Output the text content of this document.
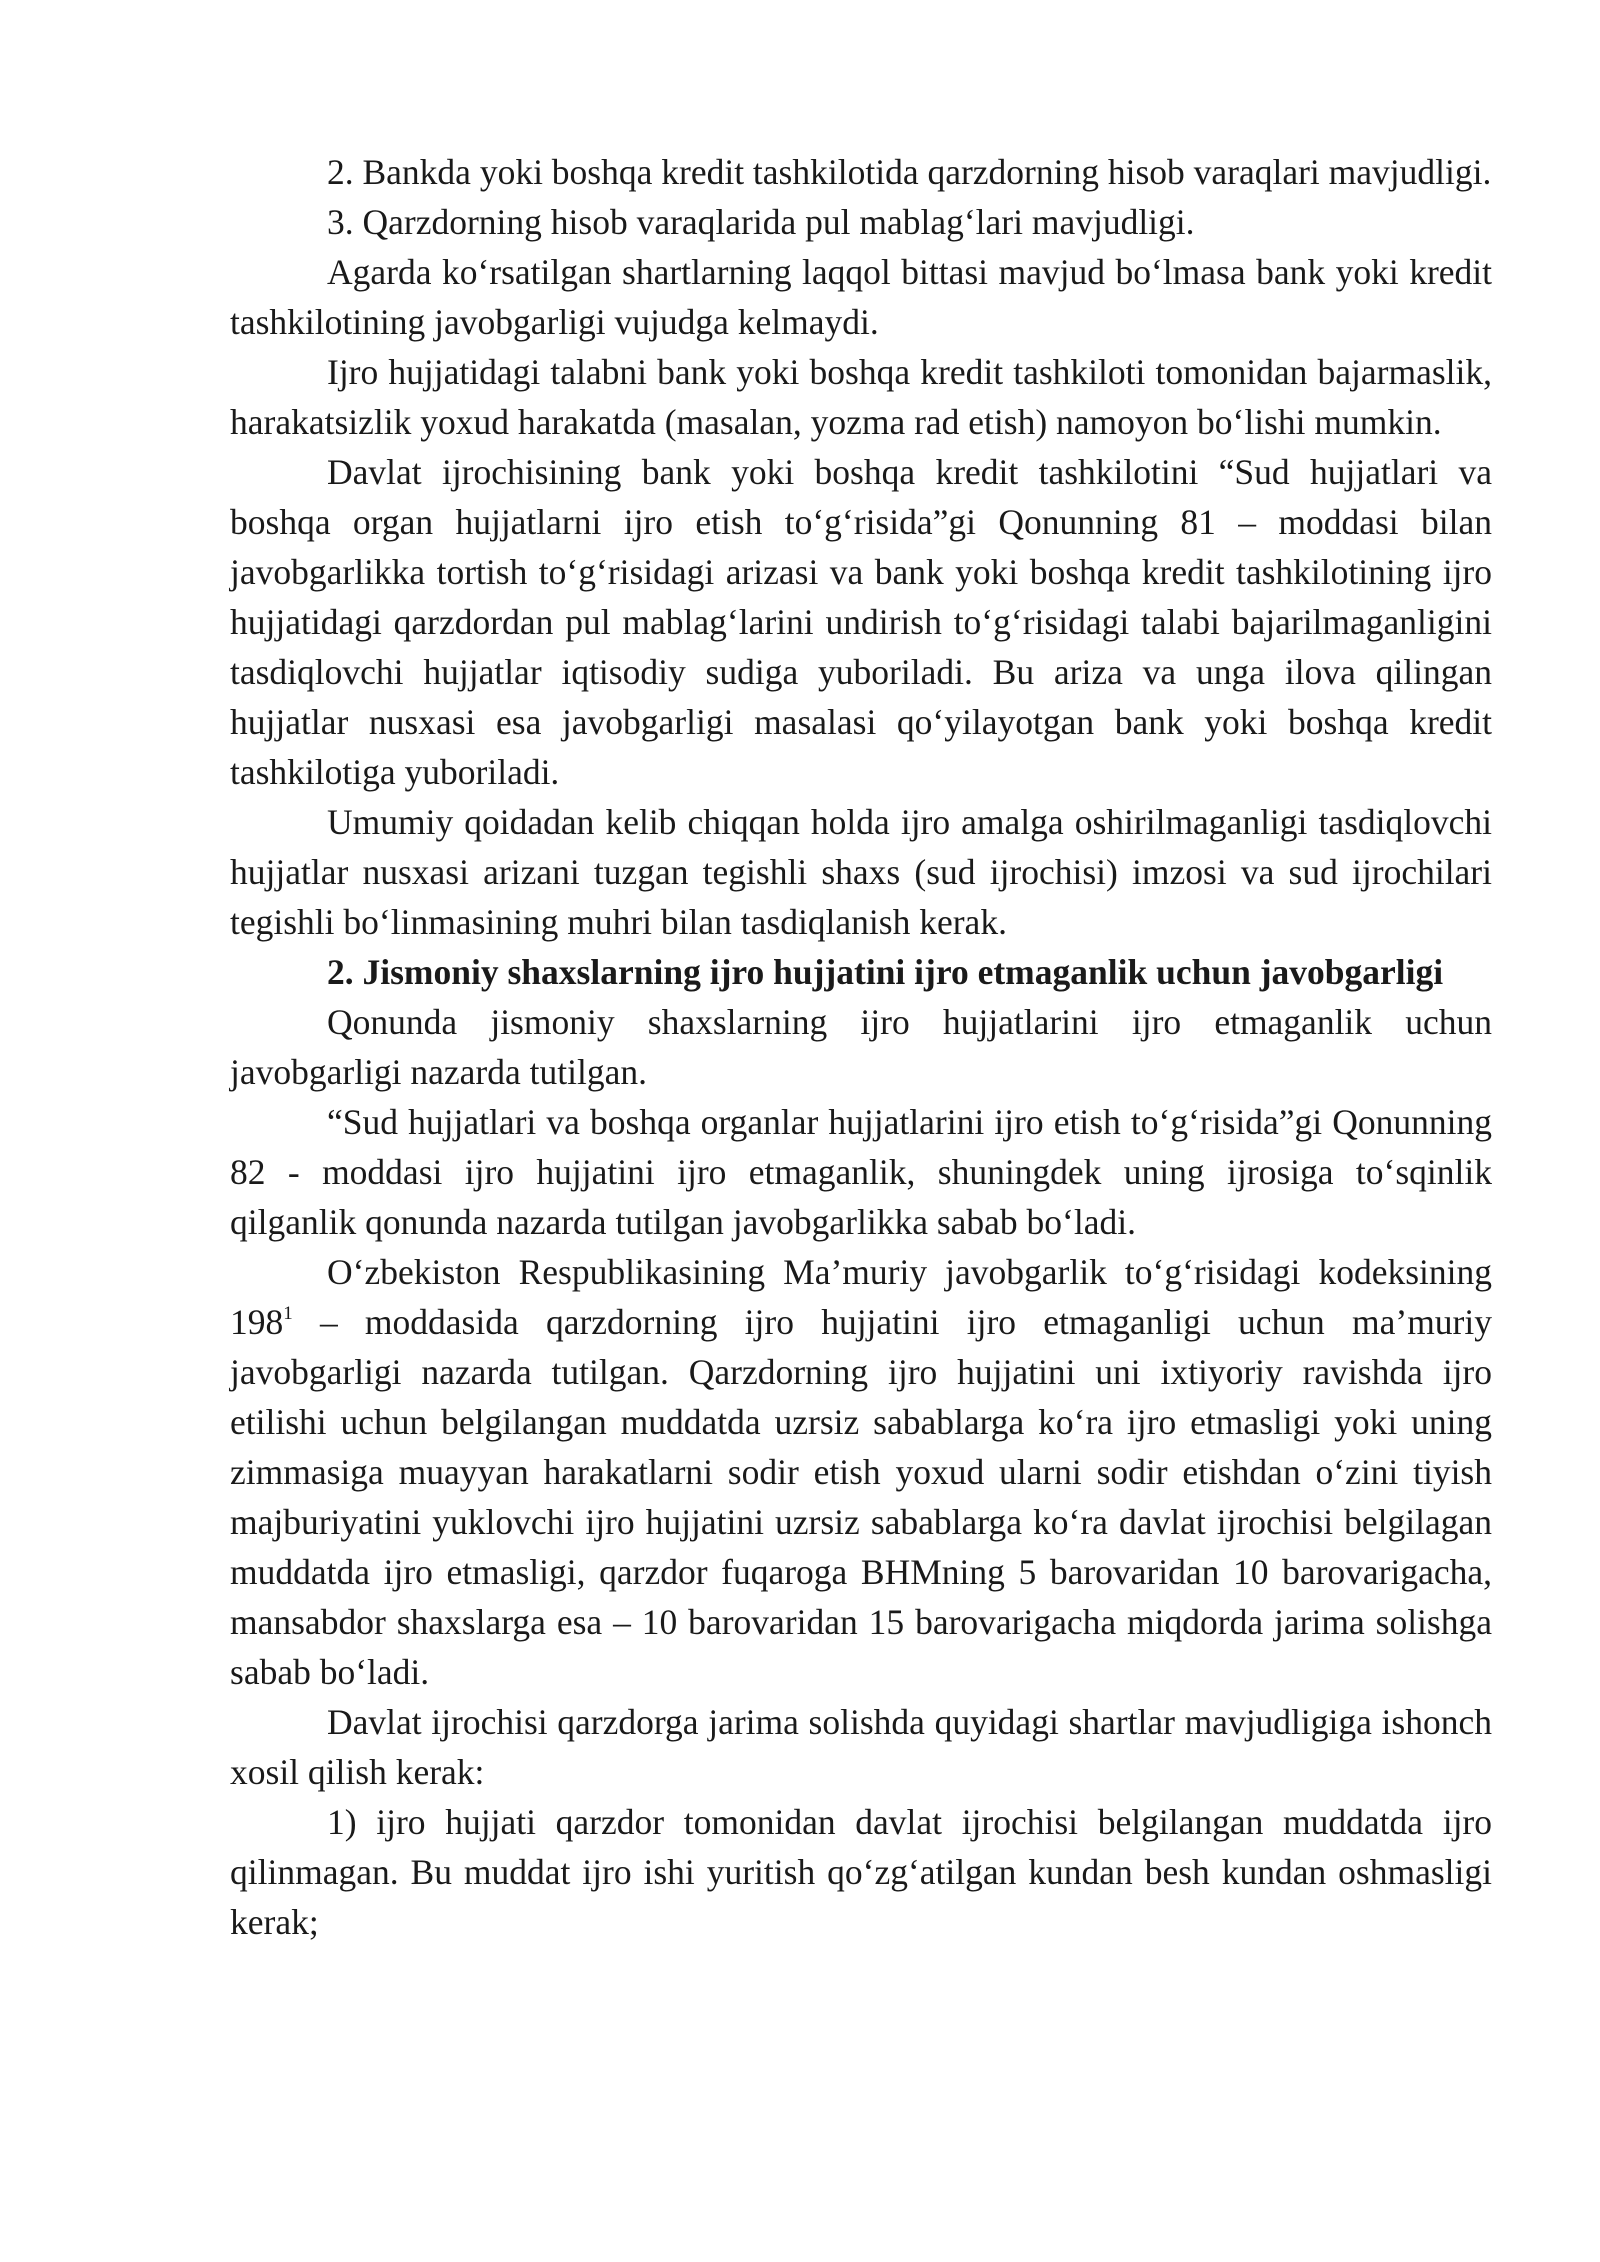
2. Bankda yoki boshqa kredit tashkilotida qarzdorning hisob varaqlari mavjudligi.

3. Qarzdorning hisob varaqlarida pul mablag‘lari mavjudligi.

Agarda ko‘rsatilgan shartlarning laqqol bittasi mavjud bo‘lmasa bank yoki kredit tashkilotining javobgarligi vujudga kelmaydi.

Ijro hujjatidagi talabni bank yoki boshqa kredit tashkiloti tomonidan bajarmaslik, harakatsizlik yoxud harakatda (masalan, yozma rad etish) namoyon bo‘lishi mumkin.

Davlat ijrochisining bank yoki boshqa kredit tashkilotini “Sud hujjatlari va boshqa organ hujjatlarni ijro etish to‘g‘risida”gi Qonunning 81 – moddasi bilan javobgarlikka tortish to‘g‘risidagi arizasi va bank yoki boshqa kredit tashkilotining ijro hujjatidagi qarzdordan pul mablag‘larini undirish to‘g‘risidagi talabi bajarilmaganligini tasdiqlovchi hujjatlar iqtisodiy sudiga yuboriladi. Bu ariza va unga ilova qilingan hujjatlar nusxasi esa javobgarligi masalasi qo‘yilayotgan bank yoki boshqa kredit tashkilotiga yuboriladi.

Umumiy qoidadan kelib chiqqan holda ijro amalga oshirilmaganligi tasdiqlovchi hujjatlar nusxasi arizani tuzgan tegishli shaxs (sud ijrochisi) imzosi va sud ijrochilari tegishli bo‘linmasining muhri bilan tasdiqlanish kerak.

2. Jismoniy shaxslarning ijro hujjatini ijro etmaganlik uchun javobgarligi

Qonunda jismoniy shaxslarning ijro hujjatlarini ijro etmaganlik uchun javobgarligi nazarda tutilgan.

“Sud hujjatlari va boshqa organlar hujjatlarini ijro etish to‘g‘risida”gi Qonunning 82 - moddasi ijro hujjatini ijro etmaganlik, shuningdek uning ijrosiga to‘sqinlik qilganlik qonunda nazarda tutilgan javobgarlikka sabab bo‘ladi.

O‘zbekiston Respublikasining Ma’muriy javobgarlik to‘g‘risidagi kodeksining $198^1$ – moddasida qarzdorning ijro hujjatini ijro etmaganligi uchun ma’muriy javobgarligi nazarda tutilgan. Qarzdorning ijro hujjatini uni ixtiyoriy ravishda ijro etilishi uchun belgilangan muddatda uzrsiz sabablarga ko‘ra ijro etmasligi yoki uning zimmasiga muayyan harakatlarni sodir etish yoxud ularni sodir etishdan o‘zini tiyish majburiyatini yuklovchi ijro hujjatini uzrsiz sabablarga ko‘ra davlat ijrochisi belgilagan muddatda ijro etmasligi, qarzdor fuqaroga BHMning 5 barovaridan 10 barovarigacha, mansabdor shaxslarga esa – 10 barovaridan 15 barovarigacha miqdorda jarima solishga sabab bo‘ladi.

Davlat ijrochisi qarzdorga jarima solishda quyidagi shartlar mavjudligiga ishonch xosil qilish kerak:

1) ijro hujjati qarzdor tomonidan davlat ijrochisi belgilangan muddatda ijro qilinmagan. Bu muddat ijro ishi yuritish qo‘zg‘atilgan kundan besh kundan oshmasligi kerak;
